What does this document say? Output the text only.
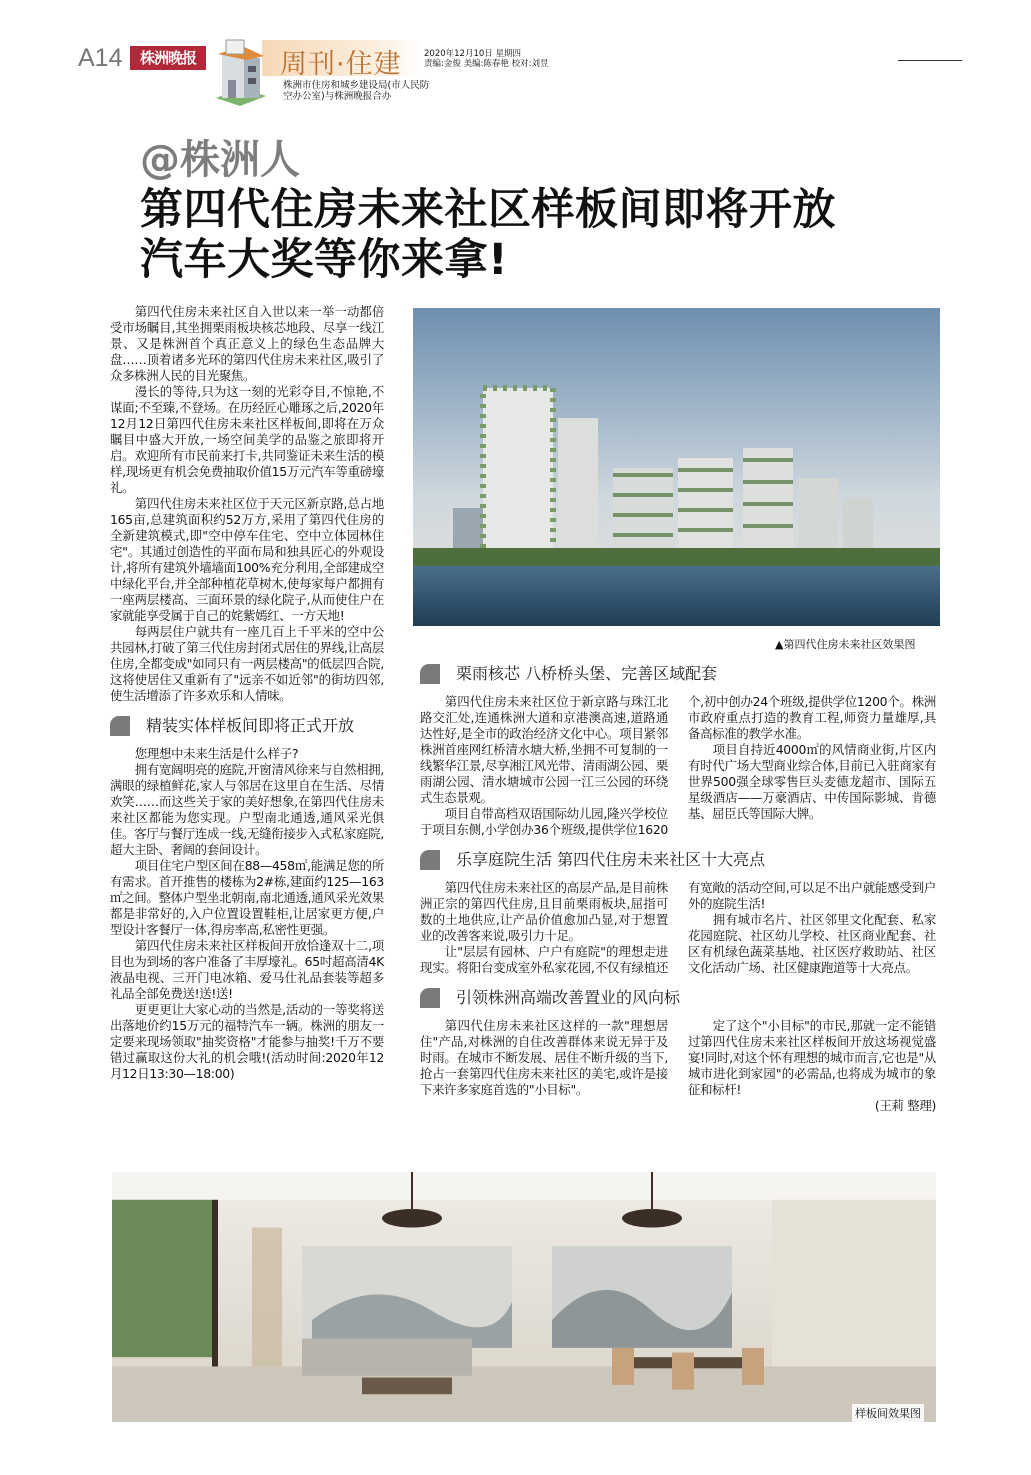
A14	株洲晚报	周刊·住建	2020年12月10日 星期四
责编:金俊 美编:陈春艳 校对:刘昱
株洲市住房和城乡建设局(市人民防空办公室)与株洲晚报合办
@株洲人
第四代住房未来社区样板间即将开放
汽车大奖等你来拿!

第四代住房未来社区自入世以来一举一动都倍受市场瞩目,其坐拥栗雨板块核芯地段、尽享一线江景、又是株洲首个真正意义上的绿色生态品牌大盘……顶着诸多光环的第四代住房未来社区,吸引了众多株洲人民的目光聚焦。

漫长的等待,只为这一刻的光彩夺目,不惊艳,不谋面;不至臻,不登场。在历经匠心雕琢之后,2020年12月12日第四代住房未来社区样板间,即将在万众瞩目中盛大开放,一场空间美学的品鉴之旅即将开启。欢迎所有市民前来打卡,共同鉴证未来生活的模样,现场更有机会免费抽取价值15万元汽车等重磅壕礼。

第四代住房未来社区位于天元区新京路,总占地165亩,总建筑面积约52万方,采用了第四代住房的全新建筑模式,即"空中停车住宅、空中立体园林住宅"。其通过创造性的平面布局和独具匠心的外观设计,将所有建筑外墙墙面100%充分利用,全部建成空中绿化平台,并全部种植花草树木,使每家每户都拥有一座两层楼高、三面环景的绿化院子,从而使住户在家就能享受属于自己的姹紫嫣红、一方天地!

每两层住户就共有一座几百上千平米的空中公共园林,打破了第三代住房封闭式居住的界线,让高层住房,全都变成"如同只有一两层楼高"的低层四合院,这将使居住又重新有了"远亲不如近邻"的街坊四邻,使生活增添了许多欢乐和人情味。

精装实体样板间即将正式开放

您理想中未来生活是什么样子?

拥有宽阔明亮的庭院,开窗清风徐来与自然相拥,满眼的绿植鲜花,家人与邻居在这里自在生活、尽情欢笑……而这些关于家的美好想象,在第四代住房未来社区都能为您实现。户型南北通透,通风采光俱佳。客厅与餐厅连成一线,无缝衔接步入式私家庭院,超大主卧、奢阔的套间设计。

项目住宅户型区间在88—458㎡,能满足您的所有需求。首开推售的楼栋为2#栋,建面约125—163㎡之间。整体户型坐北朝南,南北通透,通风采光效果都是非常好的,入户位置设置鞋柜,让居家更方便,户型设计客餐厅一体,得房率高,私密性更强。

第四代住房未来社区样板间开放恰逢双十二,项目也为到场的客户准备了丰厚壕礼。65吋超高清4K液晶电视、三开门电冰箱、爱马仕礼品套装等超多礼品全部免费送!送!送!

更更更让大家心动的当然是,活动的一等奖将送出落地价约15万元的福特汽车一辆。株洲的朋友一定要来现场领取"抽奖资格"才能参与抽奖!千万不要错过赢取这份大礼的机会哦!(活动时间:2020年12月12日13:30—18:00)

▲第四代住房未来社区效果图
栗雨核芯 八桥桥头堡、完善区域配套

第四代住房未来社区位于新京路与珠江北路交汇处,连通株洲大道和京港澳高速,道路通达性好,是全市的政治经济文化中心。项目紧邻株洲首座网红桥清水塘大桥,坐拥不可复制的一线繁华江景,尽享湘江风光带、清雨湖公园、栗雨湖公园、清水塘城市公园一江三公园的环绕式生态景观。

项目自带高档双语国际幼儿园,隆兴学校位于项目东侧,小学创办36个班级,提供学位1620个,初中创办24个班级,提供学位1200个。株洲市政府重点打造的教育工程,师资力量雄厚,具备高标准的教学水准。

项目自持近4000㎡的风情商业街,片区内有时代广场大型商业综合体,目前已入驻商家有世界500强全球零售巨头麦德龙超市、国际五星级酒店——万豪酒店、中传国际影城、肯德基、屈臣氏等国际大牌。

乐享庭院生活 第四代住房未来社区十大亮点

第四代住房未来社区的高层产品,是目前株洲正宗的第四代住房,且目前栗雨板块,屈指可数的土地供应,让产品价值愈加凸显,对于想置业的改善客来说,吸引力十足。

让"层层有园林、户户有庭院"的理想走进现实。将阳台变成室外私家花园,不仅有绿植还有宽敞的活动空间,可以足不出户就能感受到户外的庭院生活!

拥有城市名片、社区邻里文化配套、私家花园庭院、社区幼儿学校、社区商业配套、社区有机绿色蔬菜基地、社区医疗救助站、社区文化活动广场、社区健康跑道等十大亮点。

引领株洲高端改善置业的风向标

第四代住房未来社区这样的一款"理想居住"产品,对株洲的自住改善群体来说无异于及时雨。在城市不断发展、居住不断升级的当下,抢占一套第四代住房未来社区的美宅,或许是接下来许多家庭首选的"小目标"。

定了这个"小目标"的市民,那就一定不能错过第四代住房未来社区样板间开放这场视觉盛宴!同时,对这个怀有理想的城市而言,它也是"从城市进化到家园"的必需品,也将成为城市的象征和标杆!

(王莉 整理)
样板间效果图
